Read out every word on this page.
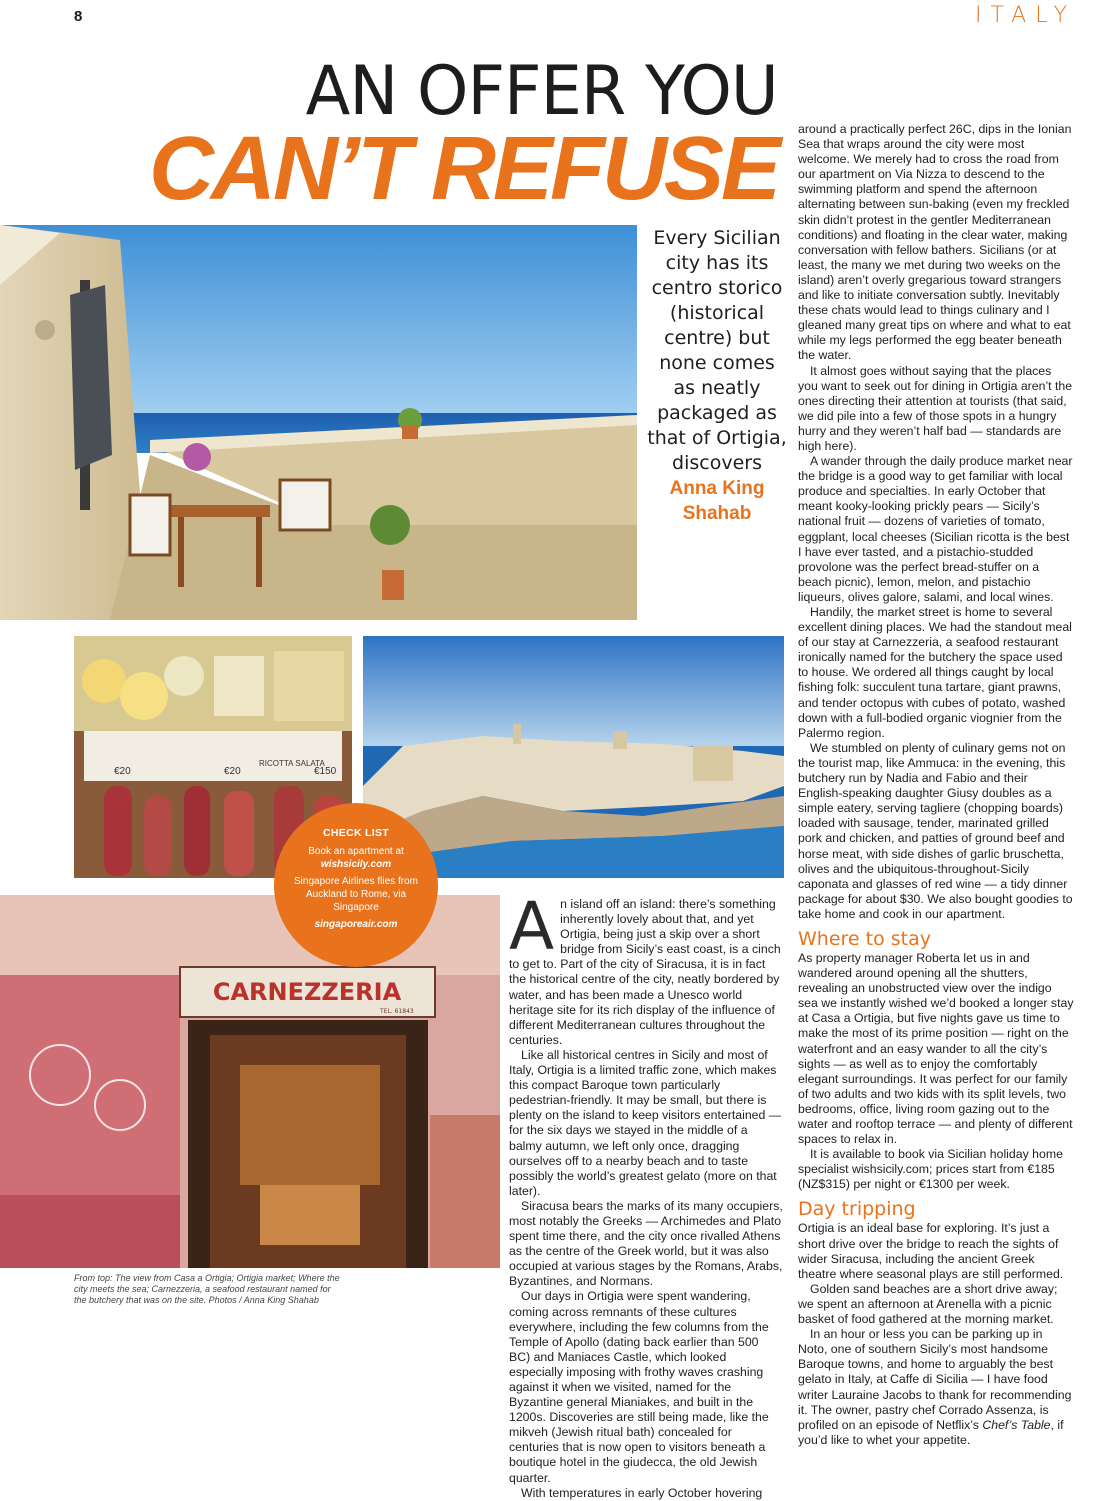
8	ITALY
AN OFFER YOU
CAN’T REFUSE
Every Sicilian city has its centro storico (historical centre) but none comes as neatly packaged as that of Ortigia, discovers
Anna King
Shahab
RICOTTA SALATA
€20	€20	€150
CARNEZZERIA
TEL. 61843
CHECK LIST
Book an apartment at
wishsicily.com
Singapore Airlines flies from Auckland to Rome, via Singapore
singaporeair.com
From top: The view from Casa a Ortigia; Ortigia market; Where the city meets the sea; Carnezzeria, a seafood restaurant named for the butchery that was on the site. Photos / Anna King Shahab

An island off an island: there’s something inherently lovely about that, and yet Ortigia, being just a skip over a short bridge from Sicily’s east coast, is a cinch to get to. Part of the city of Siracusa, it is in fact the historical centre of the city, neatly bordered by water, and has been made a Unesco world heritage site for its rich display of the influence of different Mediterranean cultures throughout the centuries.

Like all historical centres in Sicily and most of Italy, Ortigia is a limited traffic zone, which makes this compact Baroque town particularly pedestrian-friendly. It may be small, but there is plenty on the island to keep visitors entertained — for the six days we stayed in the middle of a balmy autumn, we left only once, dragging ourselves off to a nearby beach and to taste possibly the world’s greatest gelato (more on that later).

Siracusa bears the marks of its many occupiers, most notably the Greeks — Archimedes and Plato spent time there, and the city once rivalled Athens as the centre of the Greek world, but it was also occupied at various stages by the Romans, Arabs, Byzantines, and Normans.

Our days in Ortigia were spent wandering, coming across remnants of these cultures everywhere, including the few columns from the Temple of Apollo (dating back earlier than 500 BC) and Maniaces Castle, which looked especially imposing with frothy waves crashing against it when we visited, named for the Byzantine general Mianiakes, and built in the 1200s. Discoveries are still being made, like the mikveh (Jewish ritual bath) concealed for centuries that is now open to visitors beneath a boutique hotel in the giudecca, the old Jewish quarter.

With temperatures in early October hovering

around a practically perfect 26C, dips in the Ionian Sea that wraps around the city were most welcome. We merely had to cross the road from our apartment on Via Nizza to descend to the swimming platform and spend the afternoon alternating between sun-baking (even my freckled skin didn’t protest in the gentler Mediterranean conditions) and floating in the clear water, making conversation with fellow bathers. Sicilians (or at least, the many we met during two weeks on the island) aren’t overly gregarious toward strangers and like to initiate conversation subtly. Inevitably these chats would lead to things culinary and I gleaned many great tips on where and what to eat while my legs performed the egg beater beneath the water.

It almost goes without saying that the places you want to seek out for dining in Ortigia aren’t the ones directing their attention at tourists (that said, we did pile into a few of those spots in a hungry hurry and they weren’t half bad — standards are high here).

A wander through the daily produce market near the bridge is a good way to get familiar with local produce and specialties. In early October that meant kooky-looking prickly pears — Sicily’s national fruit — dozens of varieties of tomato, eggplant, local cheeses (Sicilian ricotta is the best I have ever tasted, and a pistachio-studded provolone was the perfect bread-stuffer on a beach picnic), lemon, melon, and pistachio liqueurs, olives galore, salami, and local wines.

Handily, the market street is home to several excellent dining places. We had the standout meal of our stay at Carnezzeria, a seafood restaurant ironically named for the butchery the space used to house. We ordered all things caught by local fishing folk: succulent tuna tartare, giant prawns, and tender octopus with cubes of potato, washed down with a full-bodied organic viognier from the Palermo region.

We stumbled on plenty of culinary gems not on the tourist map, like Ammuca: in the evening, this butchery run by Nadia and Fabio and their English-speaking daughter Giusy doubles as a simple eatery, serving tagliere (chopping boards) loaded with sausage, tender, marinated grilled pork and chicken, and patties of ground beef and horse meat, with side dishes of garlic bruschetta, olives and the ubiquitous-throughout-Sicily caponata and glasses of red wine — a tidy dinner package for about $30. We also bought goodies to take home and cook in our apartment.

Where to stay

As property manager Roberta let us in and wandered around opening all the shutters, revealing an unobstructed view over the indigo sea we instantly wished we’d booked a longer stay at Casa a Ortigia, but five nights gave us time to make the most of its prime position — right on the waterfront and an easy wander to all the city’s sights — as well as to enjoy the comfortably elegant surroundings. It was perfect for our family of two adults and two kids with its split levels, two bedrooms, office, living room gazing out to the water and rooftop terrace — and plenty of different spaces to relax in.

It is available to book via Sicilian holiday home specialist wishsicily.com; prices start from €185 (NZ$315) per night or €1300 per week.

Day tripping

Ortigia is an ideal base for exploring. It’s just a short drive over the bridge to reach the sights of wider Siracusa, including the ancient Greek theatre where seasonal plays are still performed.

Golden sand beaches are a short drive away; we spent an afternoon at Arenella with a picnic basket of food gathered at the morning market.

In an hour or less you can be parking up in Noto, one of southern Sicily’s most handsome Baroque towns, and home to arguably the best gelato in Italy, at Caffe di Sicilia — I have food writer Lauraine Jacobs to thank for recommending it. The owner, pastry chef Corrado Assenza, is profiled on an episode of Netflix’s Chef’s Table, if you’d like to whet your appetite.
